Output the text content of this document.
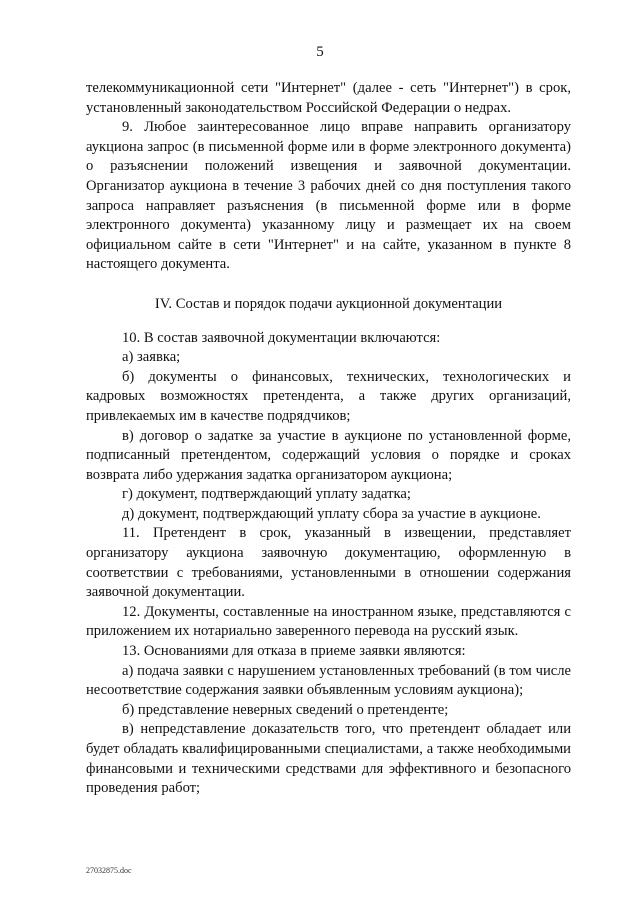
5

телекоммуникационной сети "Интернет" (далее - сеть "Интернет") в срок, установленный законодательством Российской Федерации о недрах.

9. Любое заинтересованное лицо вправе направить организатору аукциона запрос (в письменной форме или в форме электронного документа) о разъяснении положений извещения и заявочной документации. Организатор аукциона в течение 3 рабочих дней со дня поступления такого запроса направляет разъяснения (в письменной форме или в форме электронного документа) указанному лицу и размещает их на своем официальном сайте в сети "Интернет" и на сайте, указанном в пункте 8 настоящего документа.

IV. Состав и порядок подачи аукционной документации

10. В состав заявочной документации включаются:

а) заявка;

б) документы о финансовых, технических, технологических и кадровых возможностях претендента, а также других организаций, привлекаемых им в качестве подрядчиков;

в) договор о задатке за участие в аукционе по установленной форме, подписанный претендентом, содержащий условия о порядке и сроках возврата либо удержания задатка организатором аукциона;

г) документ, подтверждающий уплату задатка;

д) документ, подтверждающий уплату сбора за участие в аукционе.

11. Претендент в срок, указанный в извещении, представляет организатору аукциона заявочную документацию, оформленную в соответствии с требованиями, установленными в отношении содержания заявочной документации.

12. Документы, составленные на иностранном языке, представляются с приложением их нотариально заверенного перевода на русский язык.

13. Основаниями для отказа в приеме заявки являются:

а) подача заявки с нарушением установленных требований (в том числе несоответствие содержания заявки объявленным условиям аукциона);

б) представление неверных сведений о претенденте;

в) непредставление доказательств того, что претендент обладает или будет обладать квалифицированными специалистами, а также необходимыми финансовыми и техническими средствами для эффективного и безопасного проведения работ;

27032875.doc
